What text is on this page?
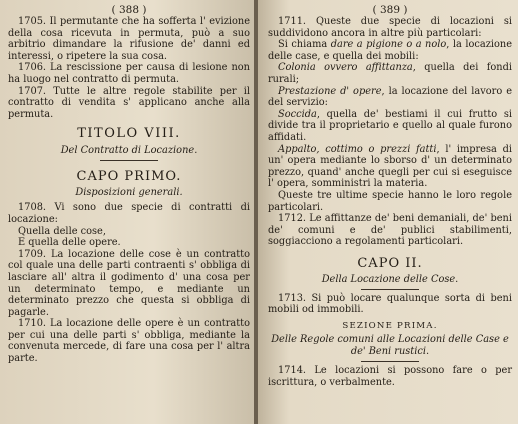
( 388 )

1705. Il permutante che ha sofferta l' evizione della cosa ricevuta in permuta, può a suo arbitrio dimandare la rifusione de' danni ed interessi, o ripetere la sua cosa.

1706. La rescissione per causa di lesione non ha luogo nel contratto di permuta.

1707. Tutte le altre regole stabilite per il contratto di vendita s' applicano anche alla permuta.

TITOLO VIII.
Del Contratto di Locazione.
CAPO PRIMO.
Disposizioni generali.

1708. Vi sono due specie di contratti di locazione:

Quella delle cose,

E quella delle opere.

1709. La locazione delle cose è un contratto col quale una delle parti contraenti s' obbliga di lasciare all' altra il godimento d' una cosa per un determinato tempo, e mediante un determinato prezzo che questa si obbliga di pagarle.

1710. La locazione delle opere è un contratto per cui una delle parti s' obbliga, mediante la convenuta mercede, di fare una cosa per l' altra parte.

( 389 )

1711. Queste due specie di locazioni si suddividono ancora in altre più particolari:

Si chiama dare a pigione o a nolo, la locazione delle case, e quella dei mobili:

Colonia ovvero affittanza, quella dei fondi rurali;

Prestazione d' opere, la locazione del lavoro e del servizio:

Soccida, quella de' bestiami il cui frutto si divide tra il proprietario e quello al quale furono affidati.

Appalto, cottimo o prezzi fatti, l' impresa di un' opera mediante lo sborso d' un determinato prezzo, quand' anche quegli per cui si eseguisce l' opera, somministri la materia.

Queste tre ultime specie hanno le loro regole particolari.

1712. Le affittanze de' beni demaniali, de' beni de' comuni e de' publici stabilimenti, soggiacciono a regolamenti particolari.

CAPO II.
Della Locazione delle Cose.

1713. Si può locare qualunque sorta di beni mobili od immobili.

SEZIONE PRIMA.
Delle Regole comuni alle Locazioni delle Case e de' Beni rustici.

1714. Le locazioni si possono fare o per iscrittura, o verbalmente.
